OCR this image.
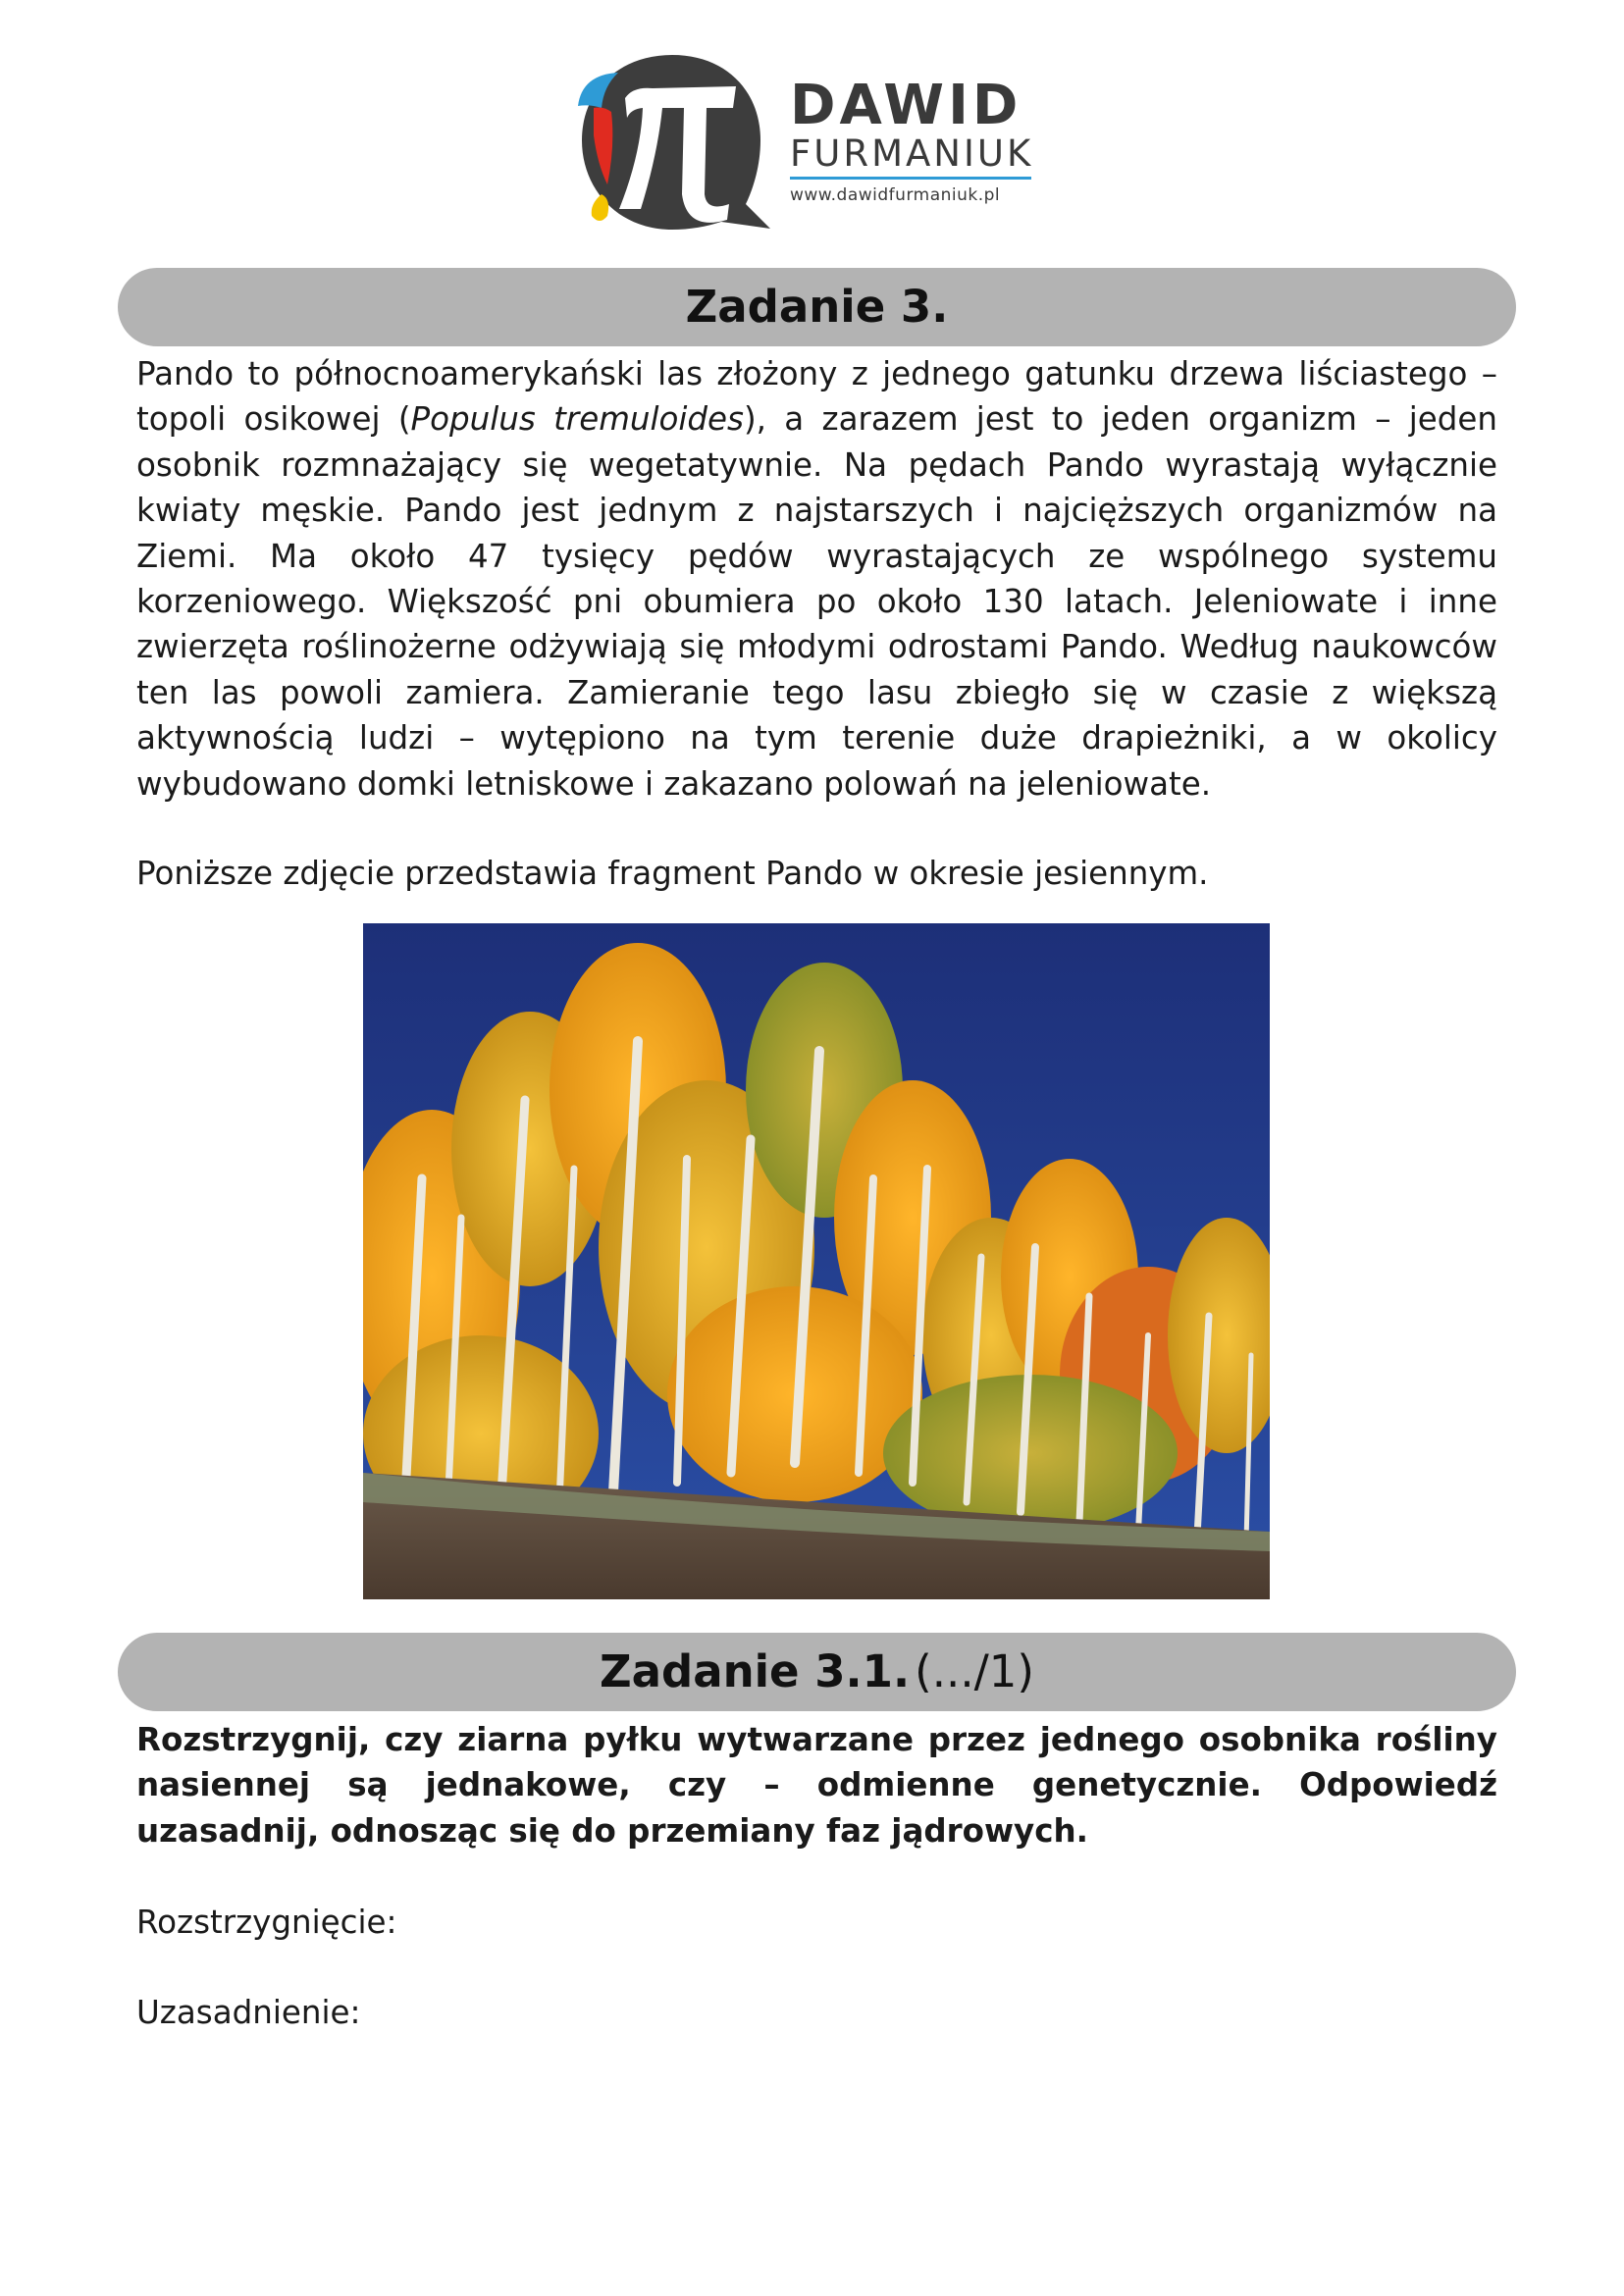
DAWID

FURMANIUK

www.dawidfurmaniuk.pl
Zadanie 3.

Pando to północnoamerykański las złożony z jednego gatunku drzewa liściastego – topoli osikowej (Populus tremuloides), a zarazem jest to jeden organizm – jeden osobnik rozmnażający się wegetatywnie. Na pędach Pando wyrastają wyłącznie kwiaty męskie. Pando jest jednym z najstarszych i najcięższych organizmów na Ziemi. Ma około 47 tysięcy pędów wyrastających ze wspólnego systemu korzeniowego. Większość pni obumiera po około 130 latach. Jeleniowate i inne zwierzęta roślinożerne odżywiają się młodymi odrostami Pando. Według naukowców ten las powoli zamiera. Zamieranie tego lasu zbiegło się w czasie z większą aktywnością ludzi – wytępiono na tym terenie duże drapieżniki, a w okolicy wybudowano domki letniskowe i zakazano polowań na jeleniowate.

Poniższe zdjęcie przedstawia fragment Pando w okresie jesiennym.

Zadanie 3.1. (.../1)

Rozstrzygnij, czy ziarna pyłku wytwarzane przez jednego osobnika rośliny nasiennej są jednakowe, czy – odmienne genetycznie. Odpowiedź uzasadnij, odnosząc się do przemiany faz jądrowych.

Rozstrzygnięcie:

Uzasadnienie:
